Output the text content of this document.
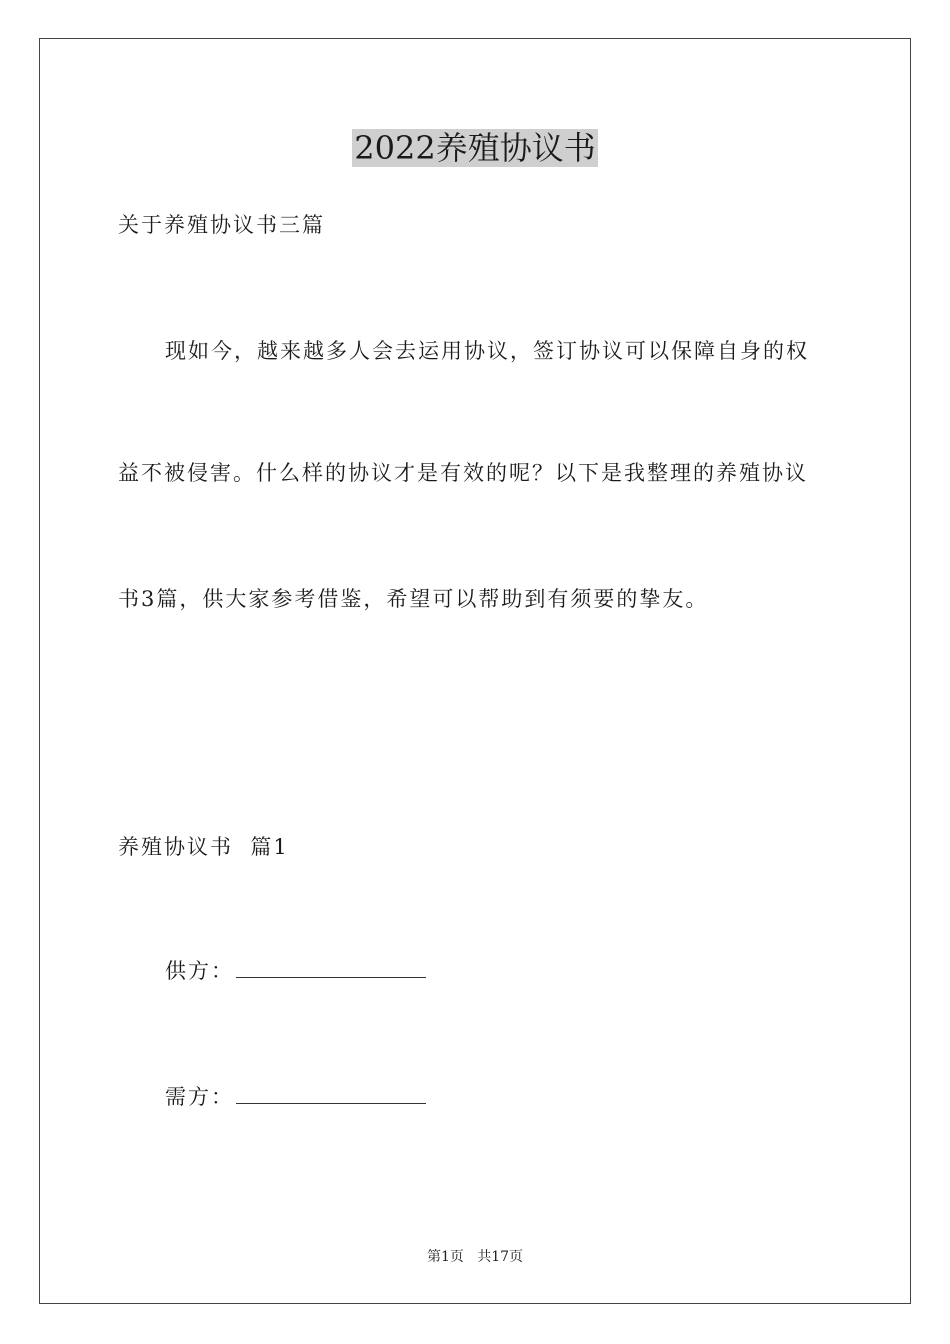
2022养殖协议书
关于养殖协议书三篇
现如今，越来越多人会去运用协议，签订协议可以保障自身的权
益不被侵害。什么样的协议才是有效的呢？以下是我整理的养殖协议
书3篇，供大家参考借鉴，希望可以帮助到有须要的挚友。
养殖协议书  篇1
供方：
需方：
第1页   共17页
